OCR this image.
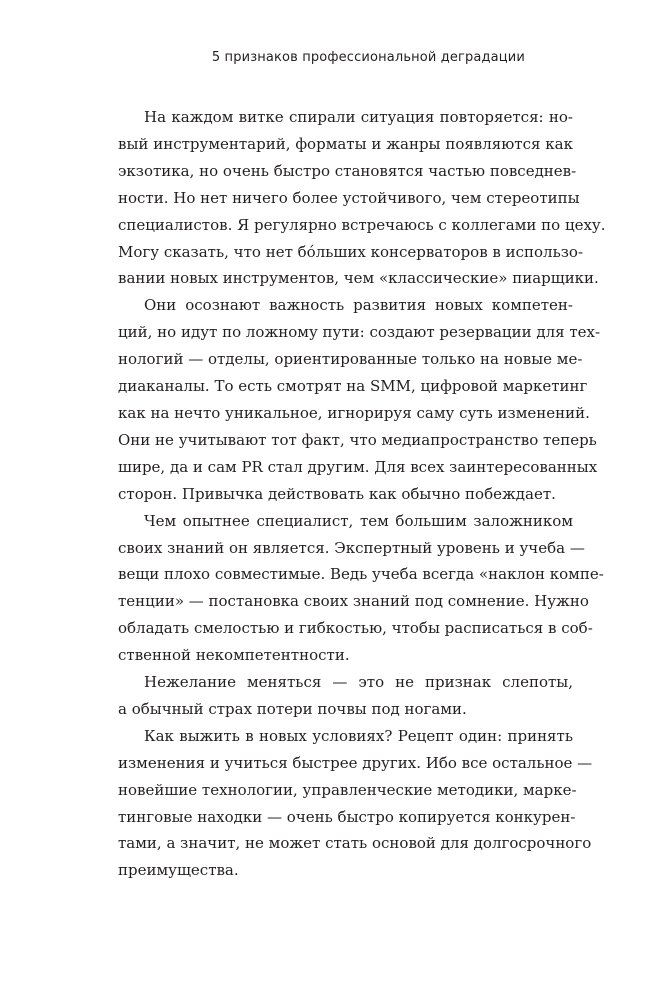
5 признаков профессиональной деградации

На каждом витке спирали ситуация повторяется: но-
вый инструментарий, форматы и жанры появляются как
экзотика, но очень быстро становятся частью повседнев-
ности. Но нет ничего более устойчивого, чем стереотипы
специалистов. Я регулярно встречаюсь с коллегами по цеху.
Могу сказать, что нет бóльших консерваторов в использо-
вании новых инструментов, чем «классические» пиарщики.

Они осознают важность развития новых компетен-
ций, но идут по ложному пути: создают резервации для тех-
нологий — отделы, ориентированные только на новые ме-
диаканалы. То есть смотрят на SMM, цифровой маркетинг
как на нечто уникальное, игнорируя саму суть изменений.
Они не учитывают тот факт, что медиапространство теперь
шире, да и сам PR стал другим. Для всех заинтересованных
сторон. Привычка действовать как обычно побеждает.

Чем опытнее специалист, тем большим заложником
своих знаний он является. Экспертный уровень и учеба —
вещи плохо совместимые. Ведь учеба всегда «наклон компе-
тенции» — постановка своих знаний под сомнение. Нужно
обладать смелостью и гибкостью, чтобы расписаться в соб-
ственной некомпетентности.

Нежелание меняться — это не признак слепоты,
а обычный страх потери почвы под ногами.

Как выжить в новых условиях? Рецепт один: принять
изменения и учиться быстрее других. Ибо все остальное —
новейшие технологии, управленческие методики, марке-
тинговые находки — очень быстро копируется конкурен-
тами, а значит, не может стать основой для долгосрочного
преимущества.
